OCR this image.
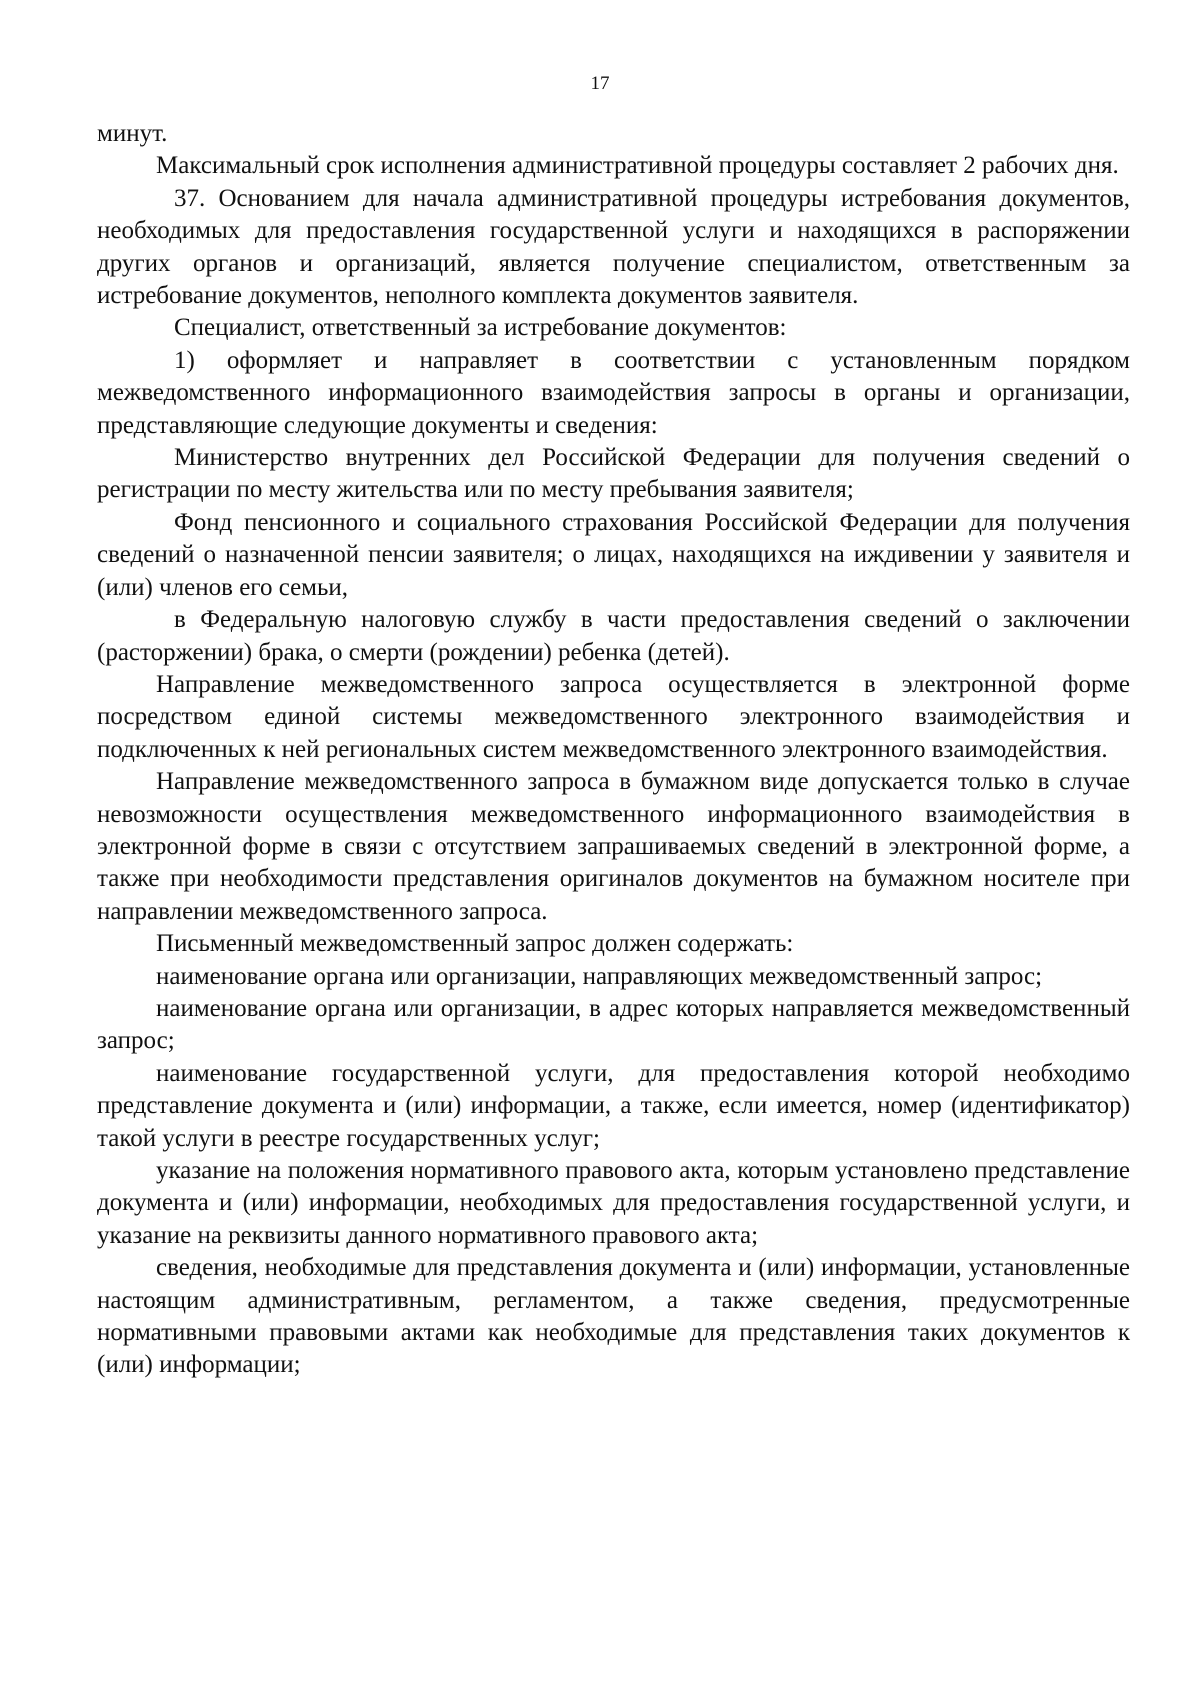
17

минут.

Максимальный срок исполнения административной процедуры составляет 2 рабочих дня.

37. Основанием для начала административной процедуры истребования документов, необходимых для предоставления государственной услуги и находящихся в распоряжении других органов и организаций, является получение специалистом, ответственным за истребование документов, неполного комплекта документов заявителя.

Специалист, ответственный за истребование документов:

1) оформляет и направляет в соответствии с установленным порядком межведомственного информационного взаимодействия запросы в органы и организации, представляющие следующие документы и сведения:

Министерство внутренних дел Российской Федерации для получения сведений о регистрации по месту жительства или по месту пребывания заявителя;

Фонд пенсионного и социального страхования Российской Федерации для получения сведений о назначенной пенсии заявителя; о лицах, находящихся на иждивении у заявителя и (или) членов его семьи,

в Федеральную налоговую службу в части предоставления сведений о заключении (расторжении) брака, о смерти (рождении) ребенка (детей).

Направление межведомственного запроса осуществляется в электронной форме посредством единой системы межведомственного электронного взаимодействия и подключенных к ней региональных систем межведомственного электронного взаимодействия.

Направление межведомственного запроса в бумажном виде допускается только в случае невозможности осуществления межведомственного информационного взаимодействия в электронной форме в связи с отсутствием запрашиваемых сведений в электронной форме, а также при необходимости представления оригиналов документов на бумажном носителе при направлении межведомственного запроса.

Письменный межведомственный запрос должен содержать:

наименование органа или организации, направляющих межведомственный запрос;

наименование органа или организации, в адрес которых направляется межведомственный запрос;

наименование государственной услуги, для предоставления которой необходимо представление документа и (или) информации, а также, если имеется, номер (идентификатор) такой услуги в реестре государственных услуг;

указание на положения нормативного правового акта, которым установлено представление документа и (или) информации, необходимых для предоставления государственной услуги, и указание на реквизиты данного нормативного правового акта;

сведения, необходимые для представления документа и (или) информации, установленные настоящим административным, регламентом, а также сведения, предусмотренные нормативными правовыми актами как необходимые для представления таких документов к (или) информации;
